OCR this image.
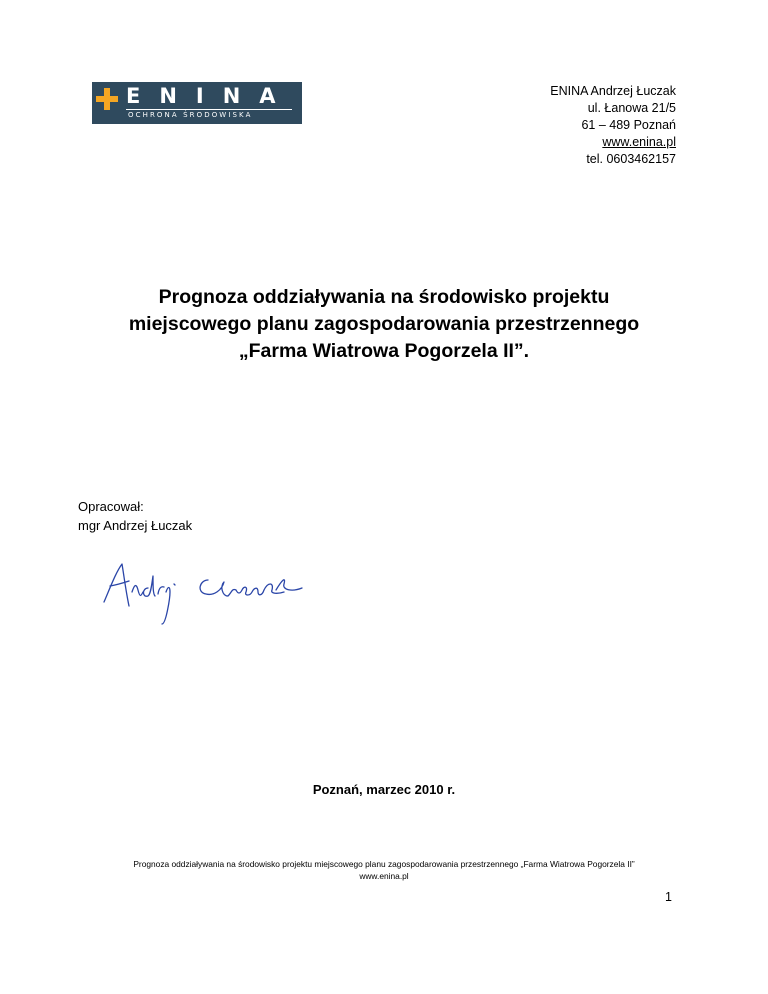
ENINA
OCHRONA ŚRODOWISKA
ENINA Andrzej Łuczak
ul. Łanowa 21/5
61 – 489 Poznań
www.enina.pl
tel. 0603462157
Prognoza oddziaływania na środowisko projektu
miejscowego planu zagospodarowania przestrzennego
„Farma Wiatrowa Pogorzela II”.
Opracował:
mgr Andrzej Łuczak
Poznań, marzec 2010 r.
Prognoza oddziaływania na środowisko projektu miejscowego planu zagospodarowania przestrzennego „Farma Wiatrowa Pogorzela II”
www.enina.pl
1
